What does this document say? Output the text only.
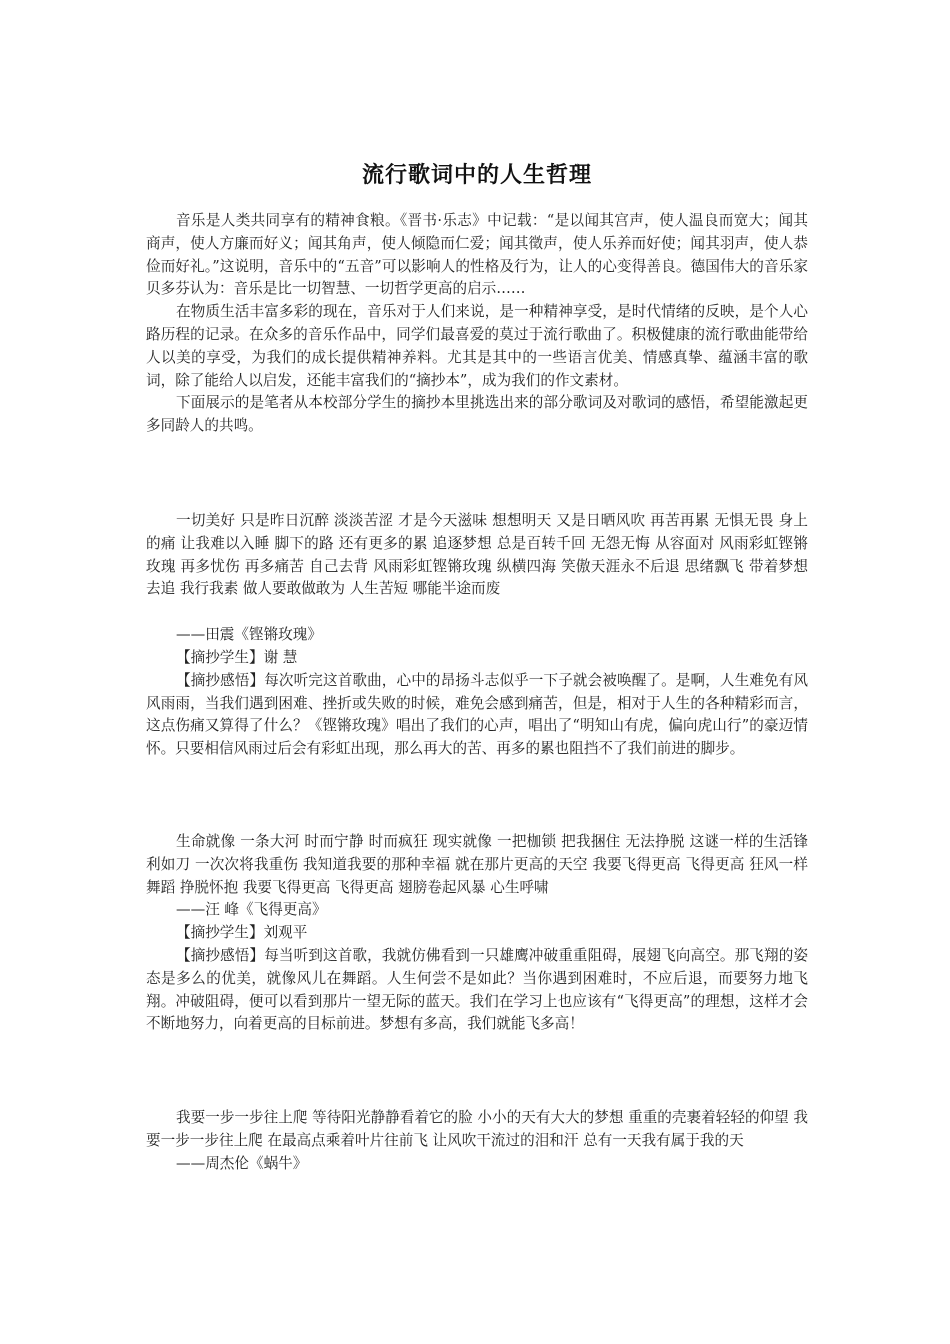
流行歌词中的人生哲理

音乐是人类共同享有的精神食粮。《晋书·乐志》中记载：“是以闻其宫声，使人温良而宽大；闻其商声，使人方廉而好义；闻其角声，使人倾隐而仁爱；闻其徵声，使人乐养而好使；闻其羽声，使人恭俭而好礼。”这说明，音乐中的“五音”可以影响人的性格及行为，让人的心变得善良。德国伟大的音乐家贝多芬认为：音乐是比一切智慧、一切哲学更高的启示……

在物质生活丰富多彩的现在，音乐对于人们来说，是一种精神享受，是时代情绪的反映，是个人心路历程的记录。在众多的音乐作品中，同学们最喜爱的莫过于流行歌曲了。积极健康的流行歌曲能带给人以美的享受，为我们的成长提供精神养料。尤其是其中的一些语言优美、情感真挚、蕴涵丰富的歌词，除了能给人以启发，还能丰富我们的“摘抄本”，成为我们的作文素材。

下面展示的是笔者从本校部分学生的摘抄本里挑选出来的部分歌词及对歌词的感悟，希望能激起更多同龄人的共鸣。

一切美好 只是昨日沉醉 淡淡苦涩 才是今天滋味 想想明天 又是日晒风吹 再苦再累 无惧无畏 身上的痛 让我难以入睡 脚下的路 还有更多的累 追逐梦想 总是百转千回 无怨无悔 从容面对 风雨彩虹铿锵玫瑰 再多忧伤 再多痛苦 自己去背 风雨彩虹铿锵玫瑰 纵横四海 笑傲天涯永不后退 思绪飘飞 带着梦想去追 我行我素 做人要敢做敢为 人生苦短 哪能半途而废

——田震《铿锵玫瑰》

【摘抄学生】谢 慧

【摘抄感悟】每次听完这首歌曲，心中的昂扬斗志似乎一下子就会被唤醒了。是啊，人生难免有风风雨雨，当我们遇到困难、挫折或失败的时候，难免会感到痛苦，但是，相对于人生的各种精彩而言，这点伤痛又算得了什么？《铿锵玫瑰》唱出了我们的心声，唱出了“明知山有虎，偏向虎山行”的豪迈情怀。只要相信风雨过后会有彩虹出现，那么再大的苦、再多的累也阻挡不了我们前进的脚步。

生命就像 一条大河 时而宁静 时而疯狂 现实就像 一把枷锁 把我捆住 无法挣脱 这谜一样的生活锋利如刀 一次次将我重伤 我知道我要的那种幸福 就在那片更高的天空 我要飞得更高 飞得更高 狂风一样舞蹈 挣脱怀抱 我要飞得更高 飞得更高 翅膀卷起风暴 心生呼啸

——汪 峰《飞得更高》

【摘抄学生】刘观平

【摘抄感悟】每当听到这首歌，我就仿佛看到一只雄鹰冲破重重阻碍，展翅飞向高空。那飞翔的姿态是多么的优美，就像风儿在舞蹈。人生何尝不是如此？当你遇到困难时，不应后退，而要努力地飞翔。冲破阻碍，便可以看到那片一望无际的蓝天。我们在学习上也应该有“飞得更高”的理想，这样才会不断地努力，向着更高的目标前进。梦想有多高，我们就能飞多高！

我要一步一步往上爬 等待阳光静静看着它的脸 小小的天有大大的梦想 重重的壳裹着轻轻的仰望 我要一步一步往上爬 在最高点乘着叶片往前飞 让风吹干流过的泪和汗 总有一天我有属于我的天

——周杰伦《蜗牛》
